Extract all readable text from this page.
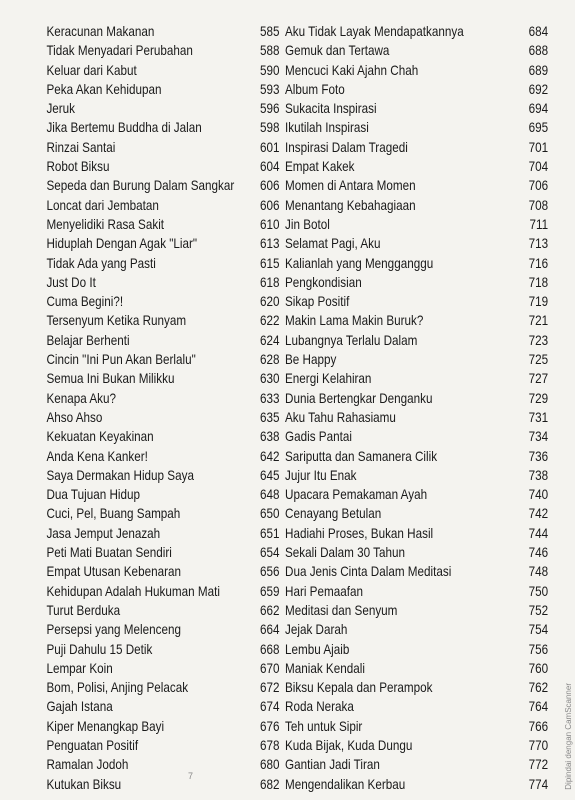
Keracunan Makanan	585
Tidak Menyadari Perubahan	588
Keluar dari Kabut	590
Peka Akan Kehidupan	593
Jeruk	596
Jika Bertemu Buddha di Jalan	598
Rinzai Santai	601
Robot Biksu	604
Sepeda dan Burung Dalam Sangkar	606
Loncat dari Jembatan	606
Menyelidiki Rasa Sakit	610
Hiduplah Dengan Agak "Liar"	613
Tidak Ada yang Pasti	615
Just Do It	618
Cuma Begini?!	620
Tersenyum Ketika Runyam	622
Belajar Berhenti	624
Cincin "Ini Pun Akan Berlalu"	628
Semua Ini Bukan Milikku	630
Kenapa Aku?	633
Ahso Ahso	635
Kekuatan Keyakinan	638
Anda Kena Kanker!	642
Saya Dermakan Hidup Saya	645
Dua Tujuan Hidup	648
Cuci, Pel, Buang Sampah	650
Jasa Jemput Jenazah	651
Peti Mati Buatan Sendiri	654
Empat Utusan Kebenaran	656
Kehidupan Adalah Hukuman Mati	659
Turut Berduka	662
Persepsi yang Melenceng	664
Puji Dahulu 15 Detik	668
Lempar Koin	670
Bom, Polisi, Anjing Pelacak	672
Gajah Istana	674
Kiper Menangkap Bayi	676
Penguatan Positif	678
Ramalan Jodoh	680
Kutukan Biksu	682
Aku Tidak Layak Mendapatkannya	684
Gemuk dan Tertawa	688
Mencuci Kaki Ajahn Chah	689
Album Foto	692
Sukacita Inspirasi	694
Ikutilah Inspirasi	695
Inspirasi Dalam Tragedi	701
Empat Kakek	704
Momen di Antara Momen	706
Menantang Kebahagiaan	708
Jin Botol	711
Selamat Pagi, Aku	713
Kalianlah yang Mengganggu	716
Pengkondisian	718
Sikap Positif	719
Makin Lama Makin Buruk?	721
Lubangnya Terlalu Dalam	723
Be Happy	725
Energi Kelahiran	727
Dunia Bertengkar Denganku	729
Aku Tahu Rahasiamu	731
Gadis Pantai	734
Sariputta dan Samanera Cilik	736
Jujur Itu Enak	738
Upacara Pemakaman Ayah	740
Cenayang Betulan	742
Hadiahi Proses, Bukan Hasil	744
Sekali Dalam 30 Tahun	746
Dua Jenis Cinta Dalam Meditasi	748
Hari Pemaafan	750
Meditasi dan Senyum	752
Jejak Darah	754
Lembu Ajaib	756
Maniak Kendali	760
Biksu Kepala dan Perampok	762
Roda Neraka	764
Teh untuk Sipir	766
Kuda Bijak, Kuda Dungu	770
Gantian Jadi Tiran	772
Mengendalikan Kerbau	774
7	Dipindai dengan CamScanner
